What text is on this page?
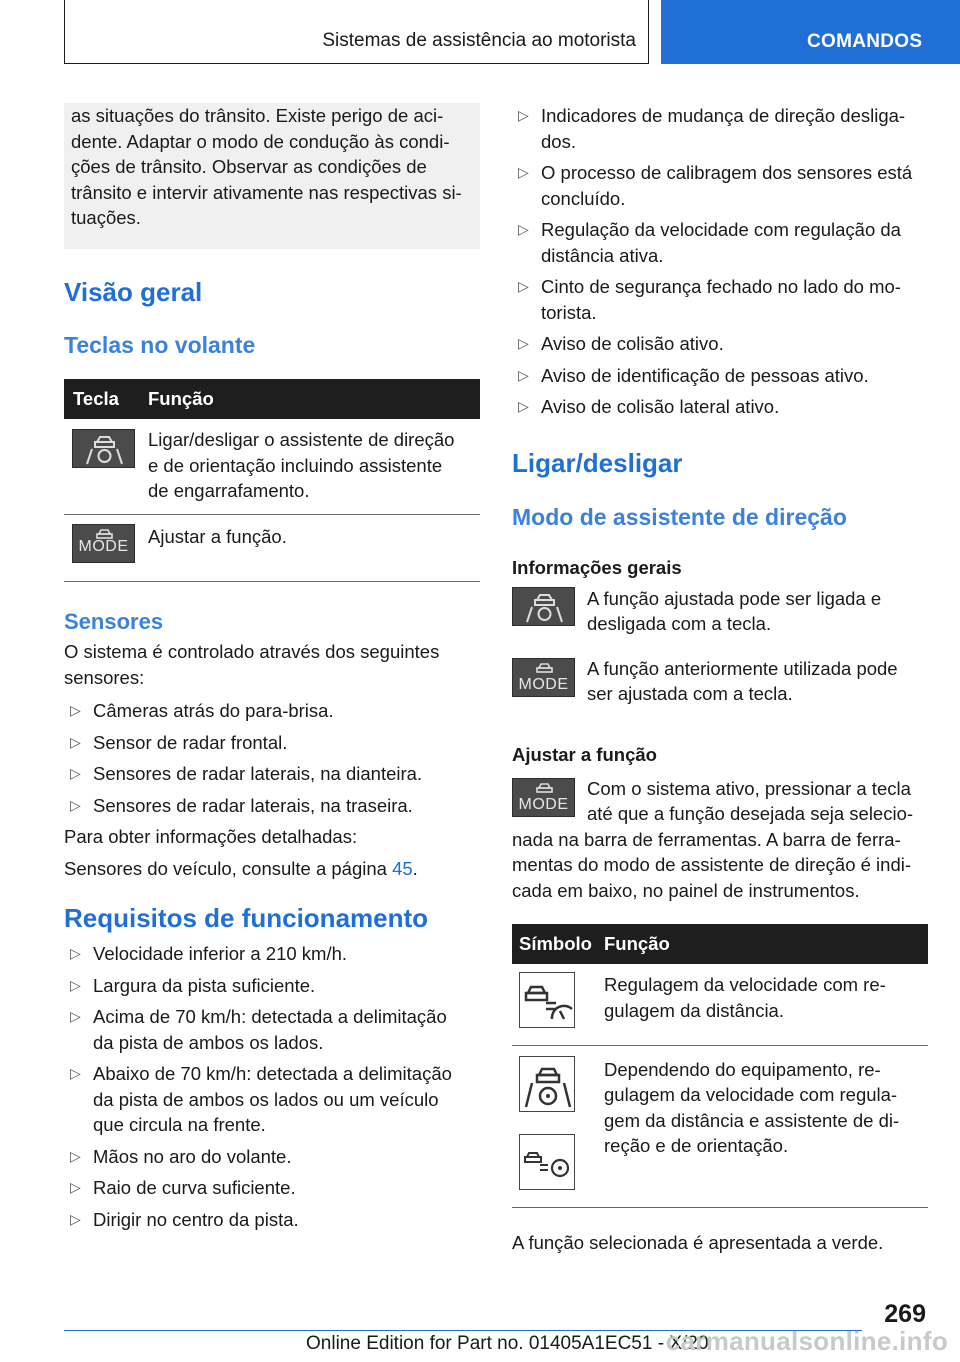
Sistemas de assistência ao motorista	COMANDOS

as situações do trânsito. Existe perigo de aci-
dente. Adaptar o modo de condução às condi-
ções de trânsito. Observar as condições de
trânsito e intervir ativamente nas respectivas si-
tuações.

Visão geral
Teclas no volante
Tecla	Função

	Ligar/desligar o assistente de direção
e de orientação incluindo assistente
de engarrafamento.

MODE	Ajustar a função.
Sensores

O sistema é controlado através dos seguintes
sensores:

▷ Câmeras atrás do para-brisa.
▷ Sensor de radar frontal.
▷ Sensores de radar laterais, na dianteira.
▷ Sensores de radar laterais, na traseira.

Para obter informações detalhadas:

Sensores do veículo, consulte a página 45.

Requisitos de funcionamento
▷ Velocidade inferior a 210 km/h.
▷ Largura da pista suficiente.
▷ Acima de 70 km/h: detectada a delimitação
da pista de ambos os lados.
▷ Abaixo de 70 km/h: detectada a delimitação
da pista de ambos os lados ou um veículo
que circula na frente.
▷ Mãos no aro do volante.
▷ Raio de curva suficiente.
▷ Dirigir no centro da pista.
▷ Indicadores de mudança de direção desliga-
dos.
▷ O processo de calibragem dos sensores está
concluído.
▷ Regulação da velocidade com regulação da
distância ativa.
▷ Cinto de segurança fechado no lado do mo-
torista.
▷ Aviso de colisão ativo.
▷ Aviso de identificação de pessoas ativo.
▷ Aviso de colisão lateral ativo.
Ligar/desligar
Modo de assistente de direção
Informações gerais

A função ajustada pode ser ligada e
desligada com a tecla.

MODE

A função anteriormente utilizada pode
ser ajustada com a tecla.

Ajustar a função
MODE

Com o sistema ativo, pressionar a tecla
até que a função desejada seja selecio-

nada na barra de ferramentas. A barra de ferra-
mentas do modo de assistente de direção é indi-
cada em baixo, no painel de instrumentos.

Símbolo	Função

	Regulagem da velocidade com re-
gulagem da distância.

	Dependendo do equipamento, re-
gulagem da velocidade com regula-
gem da distância e assistente de di-
reção e de orientação.

A função selecionada é apresentada a verde.

269
Online Edition for Part no. 01405A1EC51 - X/20
carmanualsonline.info
